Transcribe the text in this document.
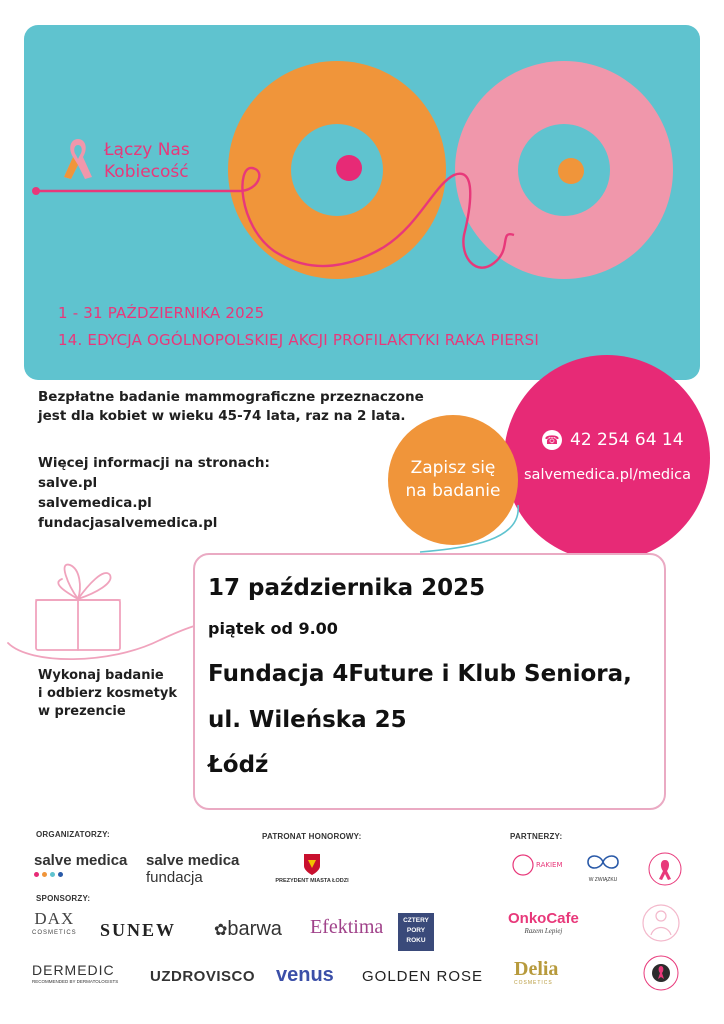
Łączy Nas
Kobiecość
1 - 31 PAŹDZIERNIKA 2025
14. EDYCJA OGÓLNOPOLSKIEJ AKCJI PROFILAKTYKI RAKA PIERSI
Bezpłatne badanie mammograficzne przeznaczone
jest dla kobiet w wieku 45-74 lata, raz na 2 lata.
Więcej informacji na stronach:
salve.pl
salvemedica.pl
fundacjasalvemedica.pl
☎ 42 254 64 14
salvemedica.pl/medica
Zapisz się
na badanie
Wykonaj badanie
i odbierz kosmetyk
w prezencie
17 października 2025
piątek od 9.00
Fundacja 4Future i Klub Seniora,
ul. Wileńska 25
Łódź
ORGANIZATORZY:	PATRONAT HONOROWY:	PARTNERZY:
SPONSORZY:
salve medica salve medica
fundacja	PREZYDENT MIASTA ŁODZI
RAKIEM
W ZWIĄZKU
DAX
COSMETICS SUNEW ✿barwa Efektima	CZTERY
PORY
ROKU
OnkoCafe
Razem Lepiej
DERMEDIC
RECOMMENDED BY DERMATOLOGISTS UZDROVISCO venus GOLDEN ROSE Delia
COSMETICS
